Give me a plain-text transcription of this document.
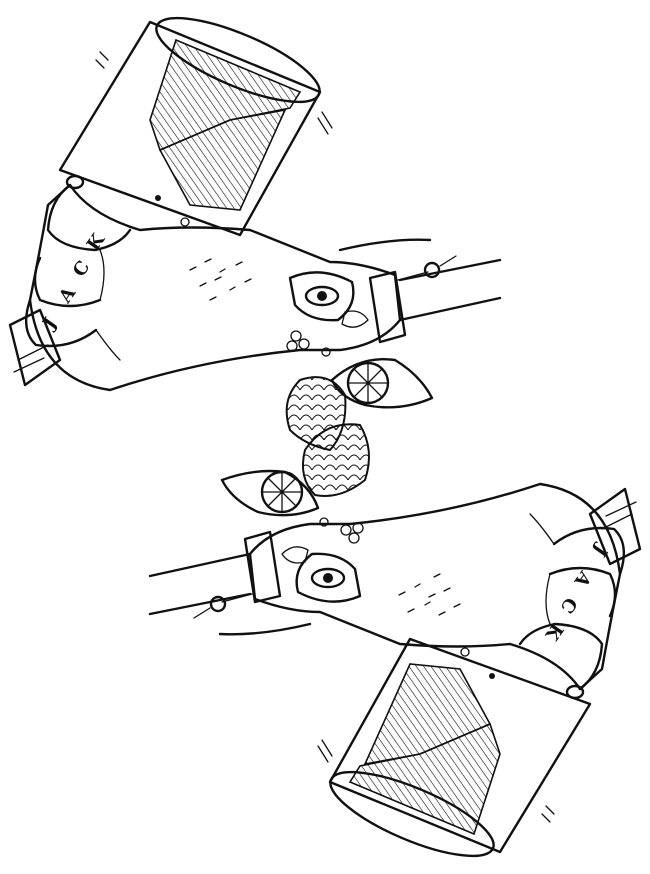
K
C
A
J
K
C
A
J
